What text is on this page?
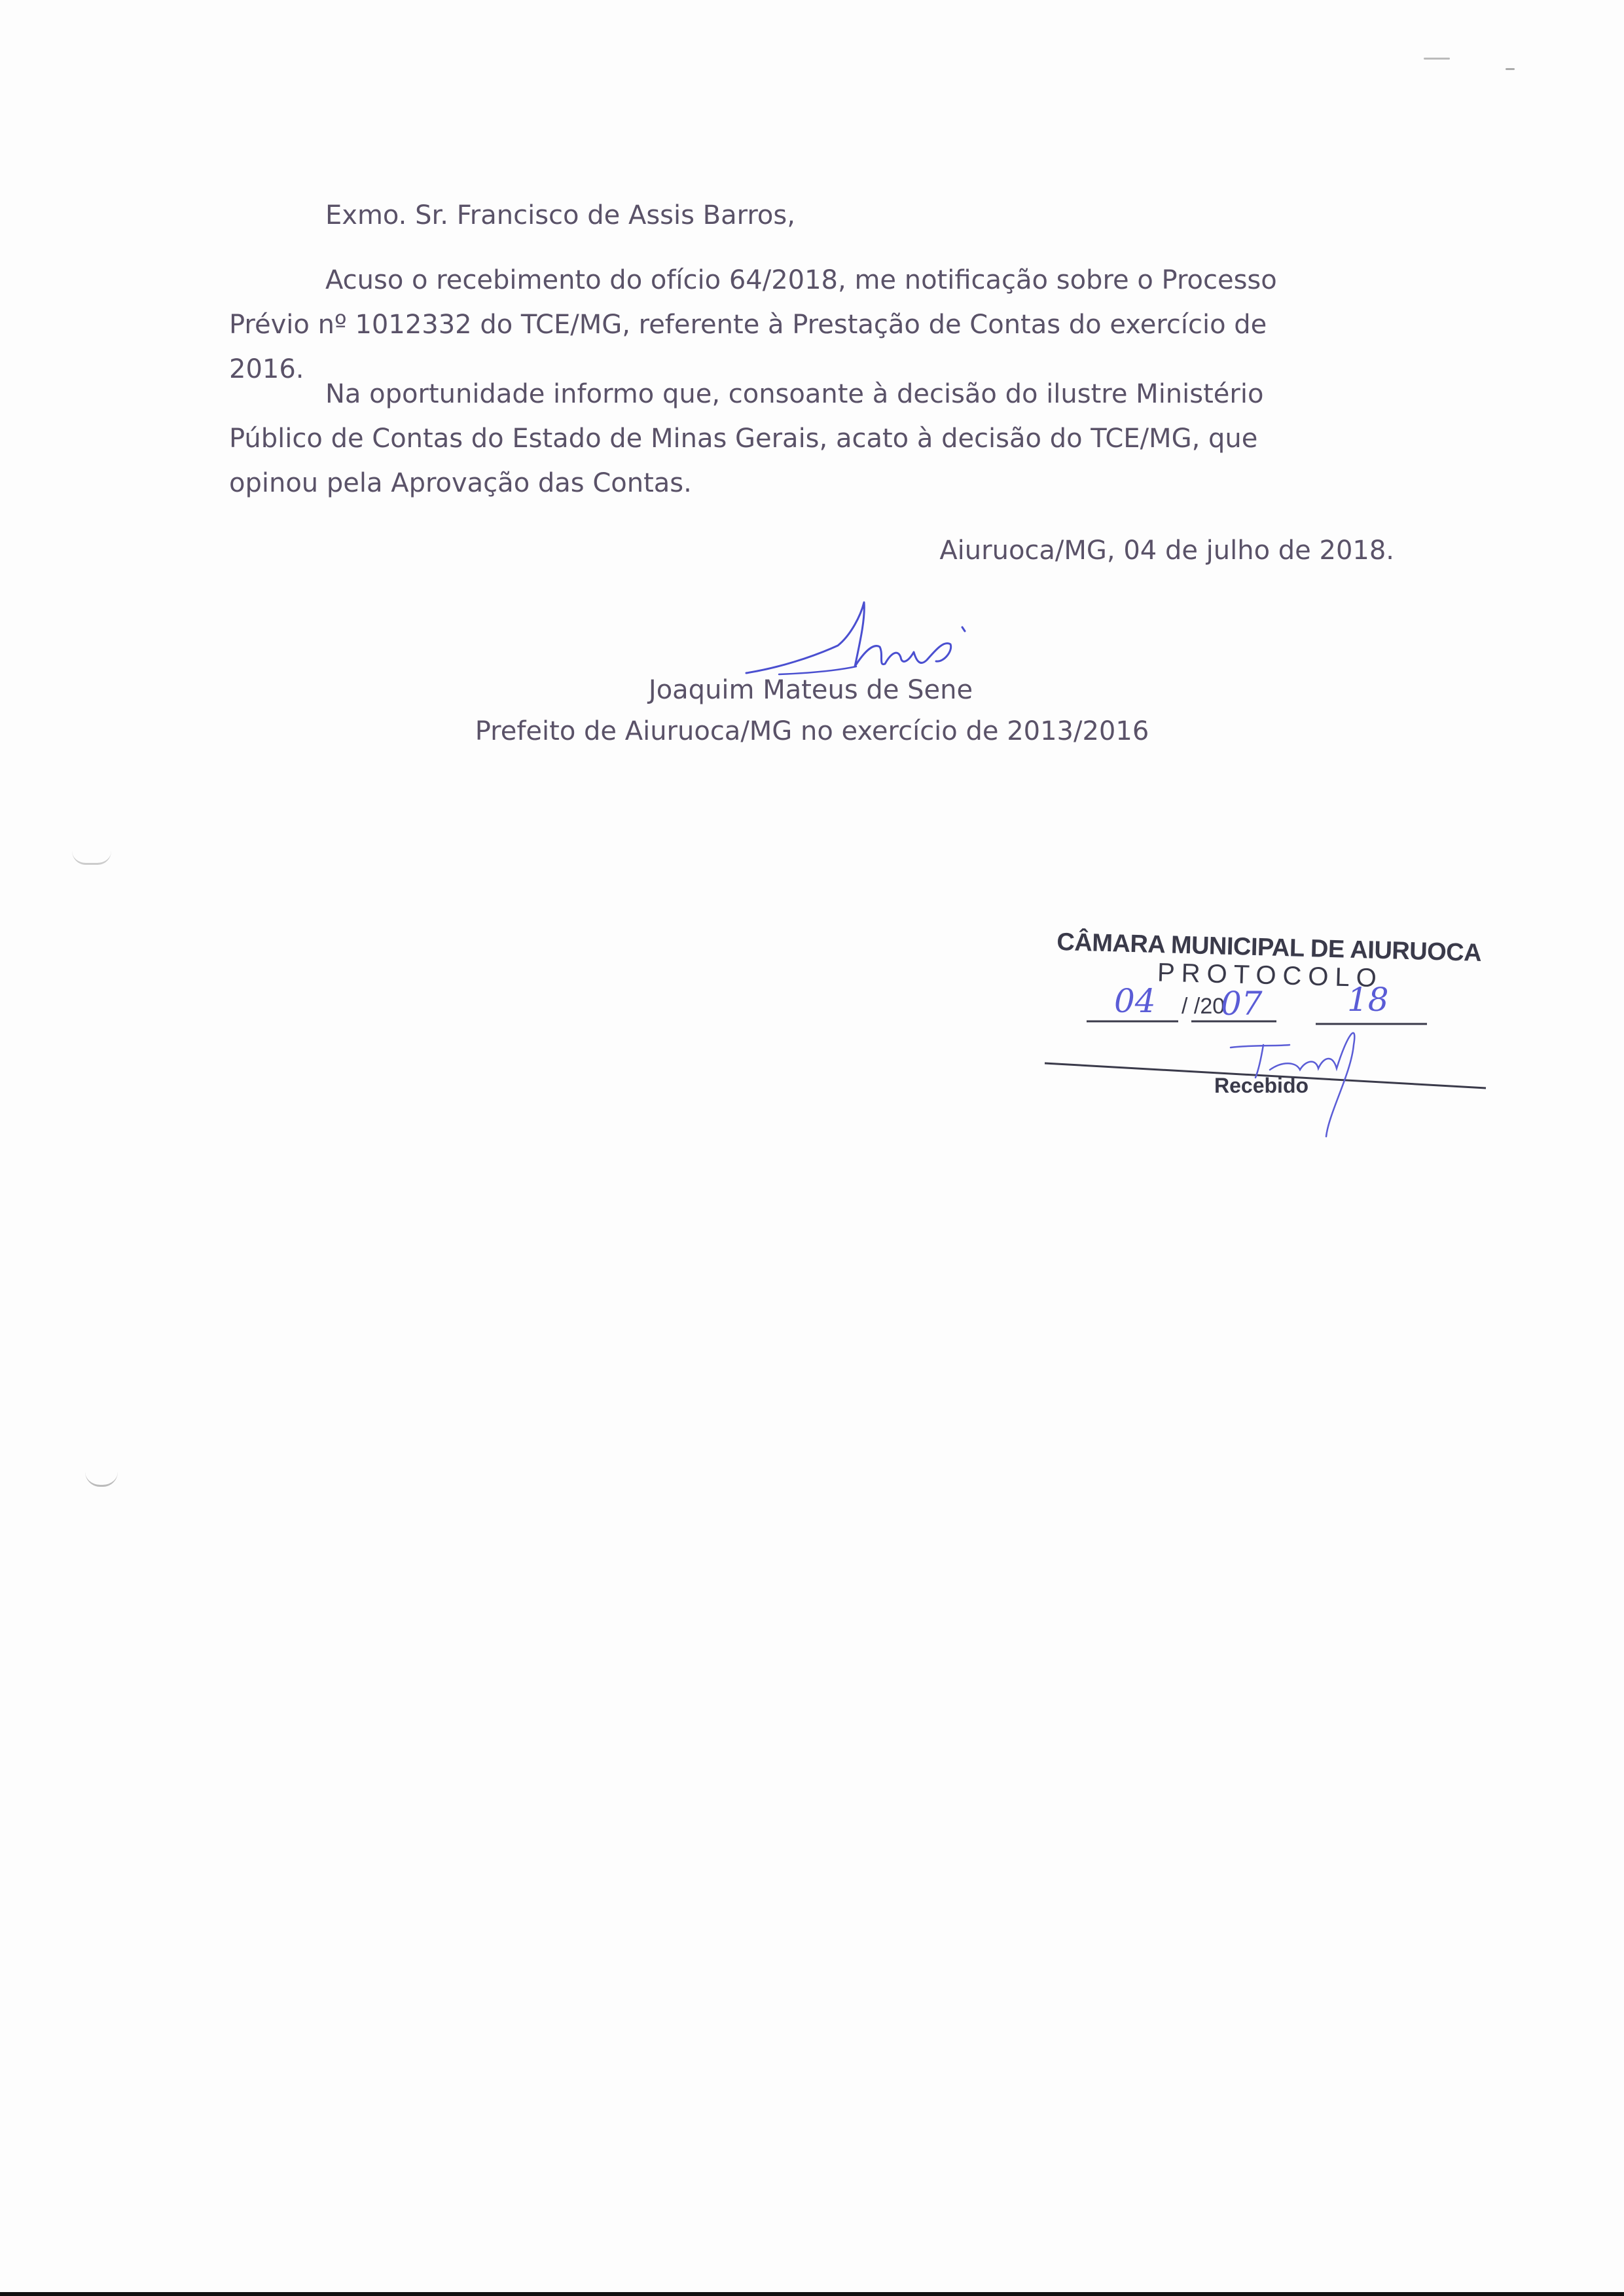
Exmo. Sr. Francisco de Assis Barros,
Acuso o recebimento do ofício 64/2018, me notificação sobre o Processo Prévio nº 1012332 do TCE/MG, referente à Prestação de Contas do exercício de 2016.
Na oportunidade informo que, consoante à decisão do ilustre Ministério Público de Contas do Estado de Minas Gerais, acato à decisão do TCE/MG, que opinou pela Aprovação das Contas.
Aiuruoca/MG, 04 de julho de 2018.
Joaquim Mateus de Sene
Prefeito de Aiuruoca/MG no exercício de 2013/2016
CÂMARA MUNICIPAL DE AIURUOCA
PROTOCOLO
/ /20
04 07	18
Recebido
